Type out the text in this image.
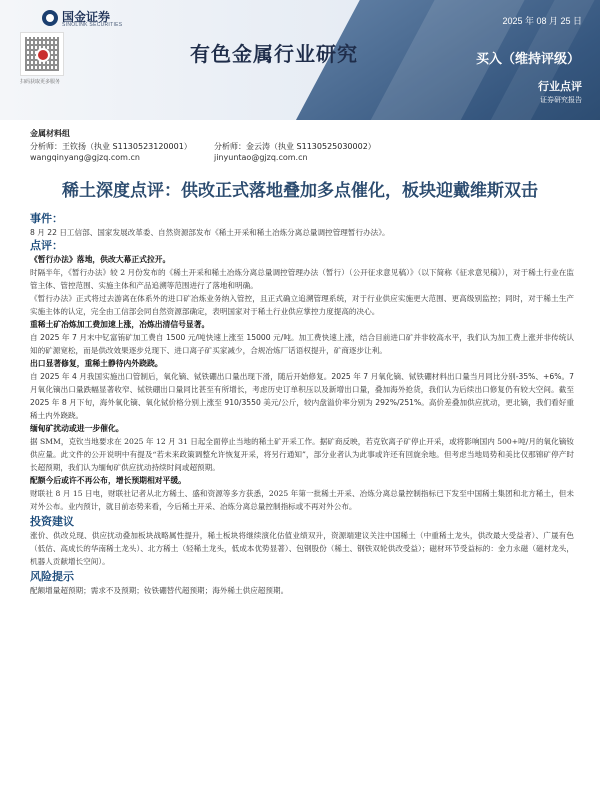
国金证券
SINOLINK SECURITIES
扫码获取更多服务
有色金属行业研究
2025 年 08 月 25 日
买入（维持评级）
行业点评
证券研究报告
金属材料组
分析师：王钦扬（执业 S1130523120001）
wangqinyang@gjzq.com.cn
分析师：金云涛（执业 S1130525030002）
jinyuntao@gjzq.com.cn
稀土深度点评：供改正式落地叠加多点催化，板块迎戴维斯双击
事件：
8 月 22 日工信部、国家发展改革委、自然资源部发布《稀土开采和稀土冶炼分离总量调控管理暂行办法》。
点评：
《暂行办法》落地，供改大幕正式拉开。
时隔半年，《暂行办法》较 2 月份发布的《稀土开采和稀土冶炼分离总量调控管理办法（暂行）（公开征求意见稿）》（以下简称《征求意见稿》），对于稀土行业在监管主体、管控范围、实施主体和产品追溯等范围进行了落地和明确。
《暂行办法》正式将过去游离在体系外的进口矿冶炼业务纳入管控，且正式确立追溯管理系统，对于行业供应实施更大范围、更高级别监控；同时，对于稀土生产实施主体的认定，完全由工信部会同自然资源部确定，表明国家对于稀土行业供应掌控力度提高的决心。
重稀土矿冶炼加工费加速上涨，冶炼出清信号显著。
自 2025 年 7 月末中钇富铕矿加工费自 1500 元/吨快速上涨至 15000 元/吨。加工费快速上涨，结合目前进口矿并非较高水平，我们认为加工费上涨并非传统认知的矿源宽松，而是供改效果逐步兑现下、进口离子矿买家减少，合规冶炼厂话语权提升，矿商逐步让利。
出口显著修复，重稀土静待内外跷跷。
自 2025 年 4 月我国实施出口管制后，氧化镝、铽铁硼出口量出现下滑，随后开始修复。2025 年 7 月氧化镝、铽铁硼材料出口量当月同比分别-35%、+6%。7 月氧化镝出口量跌幅显著收窄、铽铁硼出口量同比甚至有所增长，考虑历史订单积压以及新增出口量，叠加海外抢货，我们认为后续出口修复仍有较大空间。截至 2025 年 8 月下旬，海外氧化镝、氧化铽价格分别上涨至 910/3550 美元/公斤，较内盘溢价率分别为 292%/251%。高价差叠加供应扰动，更北镝，我们看好重稀土内外跷跷。
缅甸矿扰动或进一步催化。
据 SMM，克钦当地要求在 2025 年 12 月 31 日起全面停止当地的稀土矿开采工作。据矿商反映，若克钦离子矿停止开采，或将影响国内 500+吨/月的氧化镝钕供应量。此文件的公开说明中有提及“若未来政策调整允许恢复开采，将另行通知”，部分业者认为此事或许还有回旋余地。但考虑当地局势和美比仅那锦矿停产时长超预期，我们认为缅甸矿供应扰动持续时间或超预期。
配额今后或许不再公布，增长预期相对平缓。
财联社 8 月 15 日电，财联社记者从北方稀土、盛和资源等多方获悉，2025 年第一批稀土开采、冶炼分离总量控制指标已下发至中国稀土集团和北方稀土，但未对外公布。业内预计，就目前态势来看，今后稀土开采、冶炼分离总量控制指标或不再对外公布。
投资建议
涨价、供改兑现、供应扰动叠加板块战略属性提升，稀土板块将继续演化估值业绩双升，资源端建议关注中国稀土（中重稀土龙头，供改最大受益者）、广晟有色（低估、高成长的华南稀土龙头）、北方稀土（轻稀土龙头，低成本优势显著）、包钢股份（稀土、钢铁双轮供改受益）；磁材环节受益标的：金力永磁（磁材龙头，机器人贡献增长空间）。
风险提示
配额增量超预期；需求不及预期；钕铁硼替代超预期；海外稀土供应超预期。
